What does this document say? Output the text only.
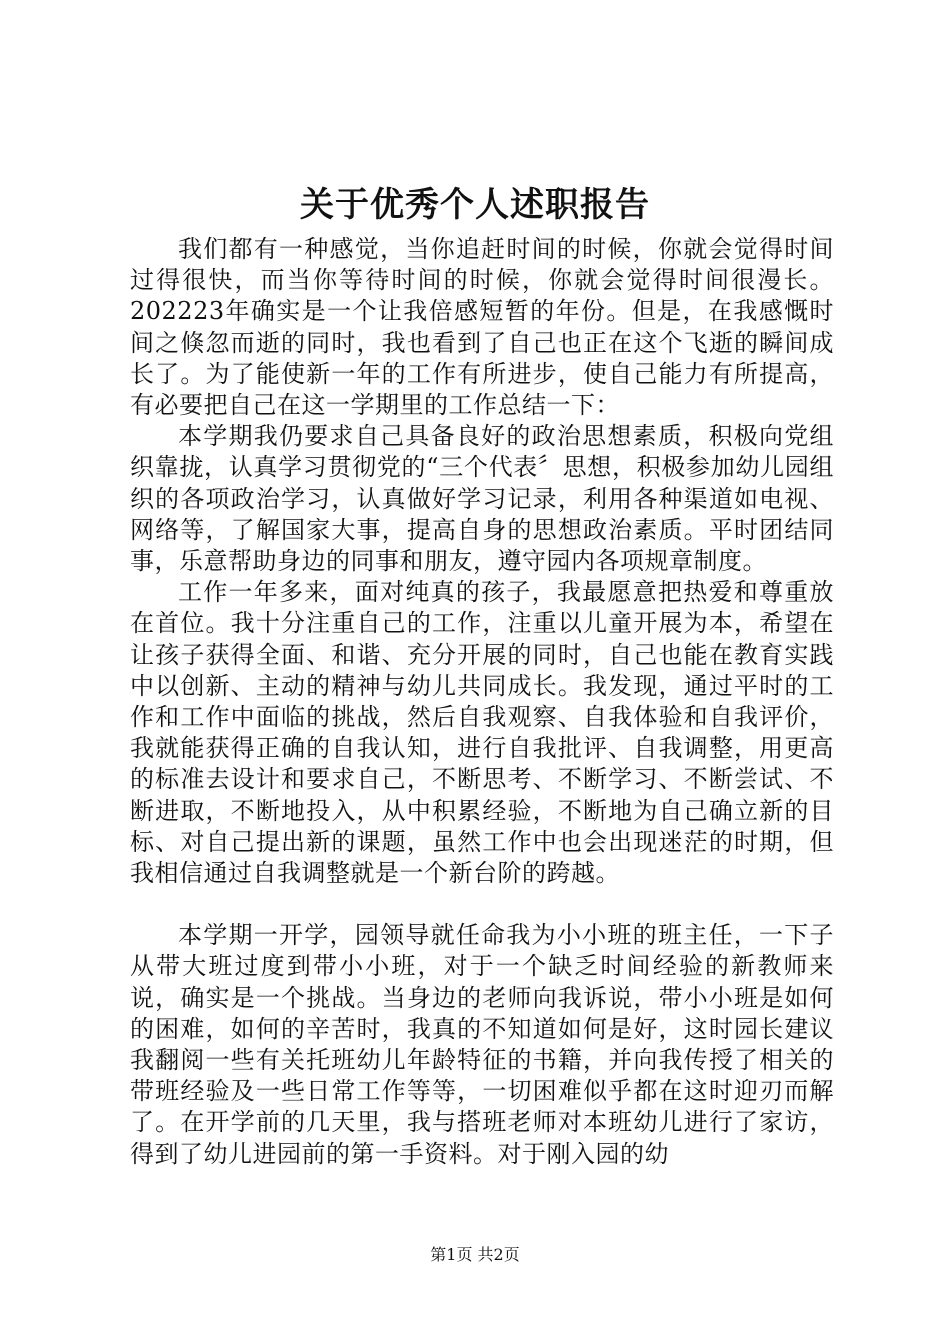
关于优秀个人述职报告

我们都有一种感觉，当你追赶时间的时候，你就会觉得时间过得很快，而当你等待时间的时候，你就会觉得时间很漫长。202223年确实是一个让我倍感短暂的年份。但是，在我感慨时间之倏忽而逝的同时，我也看到了自己也正在这个飞逝的瞬间成长了。为了能使新一年的工作有所进步，使自己能力有所提高，有必要把自己在这一学期里的工作总结一下：

本学期我仍要求自己具备良好的政治思想素质，积极向党组织靠拢，认真学习贯彻党的“三个代表〞思想，积极参加幼儿园组织的各项政治学习，认真做好学习记录，利用各种渠道如电视、网络等，了解国家大事，提高自身的思想政治素质。平时团结同事，乐意帮助身边的同事和朋友，遵守园内各项规章制度。

工作一年多来，面对纯真的孩子，我最愿意把热爱和尊重放在首位。我十分注重自己的工作，注重以儿童开展为本，希望在让孩子获得全面、和谐、充分开展的同时，自己也能在教育实践中以创新、主动的精神与幼儿共同成长。我发现，通过平时的工作和工作中面临的挑战，然后自我观察、自我体验和自我评价，我就能获得正确的自我认知，进行自我批评、自我调整，用更高的标准去设计和要求自己，不断思考、不断学习、不断尝试、不断进取，不断地投入，从中积累经验，不断地为自己确立新的目标、对自己提出新的课题，虽然工作中也会出现迷茫的时期，但我相信通过自我调整就是一个新台阶的跨越。

本学期一开学，园领导就任命我为小小班的班主任，一下子从带大班过度到带小小班，对于一个缺乏时间经验的新教师来说，确实是一个挑战。当身边的老师向我诉说，带小小班是如何的困难，如何的辛苦时，我真的不知道如何是好，这时园长建议我翻阅一些有关托班幼儿年龄特征的书籍，并向我传授了相关的带班经验及一些日常工作等等，一切困难似乎都在这时迎刃而解了。在开学前的几天里，我与搭班老师对本班幼儿进行了家访，得到了幼儿进园前的第一手资料。对于刚入园的幼

第1页 共2页
